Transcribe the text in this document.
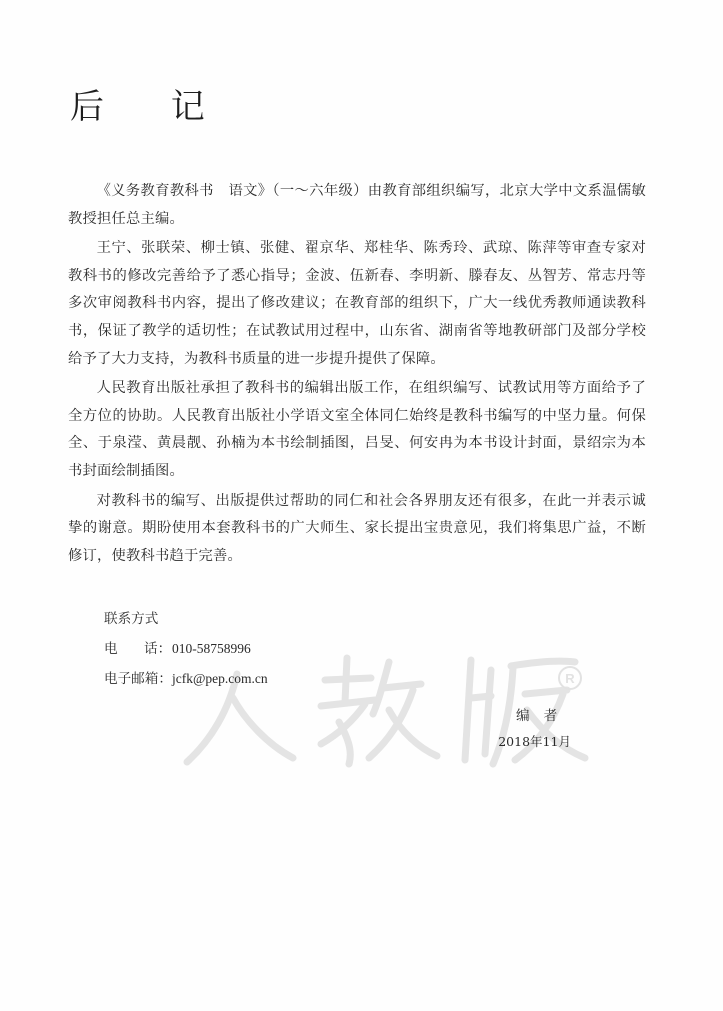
后 记
R

《义务教育教科书　语文》（一～六年级）由教育部组织编写，北京大学中文系温儒敏教授担任总主编。

王宁、张联荣、柳士镇、张健、翟京华、郑桂华、陈秀玲、武琼、陈萍等审查专家对教科书的修改完善给予了悉心指导；金波、伍新春、李明新、滕春友、丛智芳、常志丹等多次审阅教科书内容，提出了修改建议；在教育部的组织下，广大一线优秀教师通读教科书，保证了教学的适切性；在试教试用过程中，山东省、湖南省等地教研部门及部分学校给予了大力支持，为教科书质量的进一步提升提供了保障。

人民教育出版社承担了教科书的编辑出版工作，在组织编写、试教试用等方面给予了全方位的协助。人民教育出版社小学语文室全体同仁始终是教科书编写的中坚力量。何保全、于泉滢、黄晨靓、孙楠为本书绘制插图，吕旻、何安冉为本书设计封面，景绍宗为本书封面绘制插图。

对教科书的编写、出版提供过帮助的同仁和社会各界朋友还有很多，在此一并表示诚挚的谢意。期盼使用本套教科书的广大师生、家长提出宝贵意见，我们将集思广益，不断修订，使教科书趋于完善。

联系方式
电 话：010-58758996
电子邮箱：jcfk@pep.com.cn
编者
2018年11月
